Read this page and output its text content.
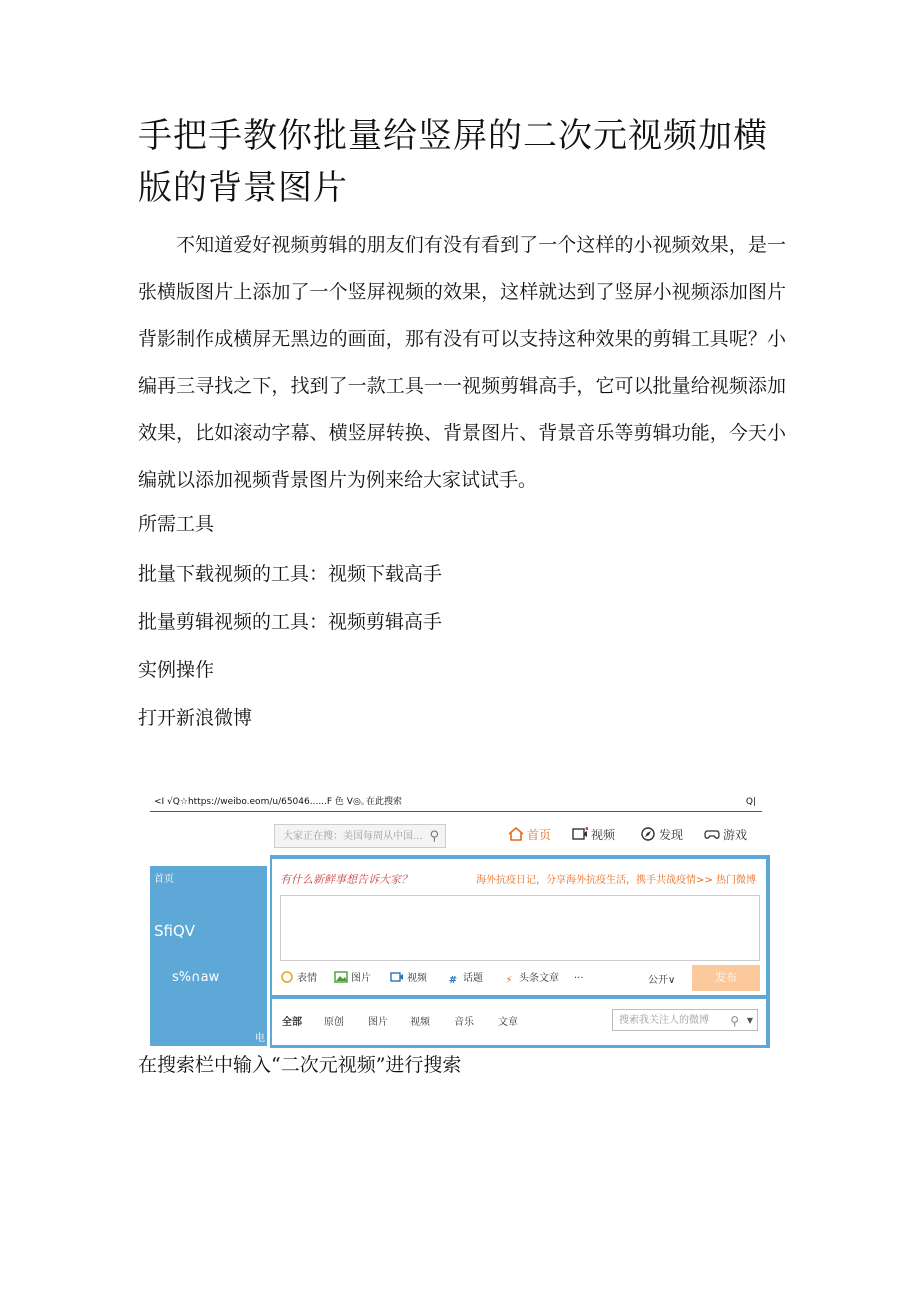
手把手教你批量给竖屏的二次元视频加横版的背景图片

不知道爱好视频剪辑的朋友们有没有看到了一个这样的小视频效果，是一张横版图片上添加了一个竖屏视频的效果，这样就达到了竖屏小视频添加图片背影制作成横屏无黑边的画面，那有没有可以支持这种效果的剪辑工具呢？小编再三寻找之下，找到了一款工具一一视频剪辑高手，它可以批量给视频添加效果，比如滚动字幕、横竖屏转换、背景图片、背景音乐等剪辑功能，今天小编就以添加视频背景图片为例来给大家试试手。

所需工具
批量下载视频的工具：视频下载高手
批量剪辑视频的工具：视频剪辑高手
实例操作
打开新浪微博
<I √Q☆https://weibo.eom/u/65046......F 色 V◎。
在此搜索	Q|
首页
SfiQV
s%∩aw
电
大家正在搜：美国每周从中国... ⚲	首页	视频	发现	游戏
有什么新鲜事想告诉大家？	海外抗疫日记，分享海外抗疫生活，携手共战疫情>> 热门微博
表情	图片	视频 # 话题	⚡ 头条文章 ···	公开∨	发布
全部 原创 图片 视频 音乐 文章	搜索我关注人的微博 ⚲ ▼
在搜索栏中输入“二次元视频”进行搜索
